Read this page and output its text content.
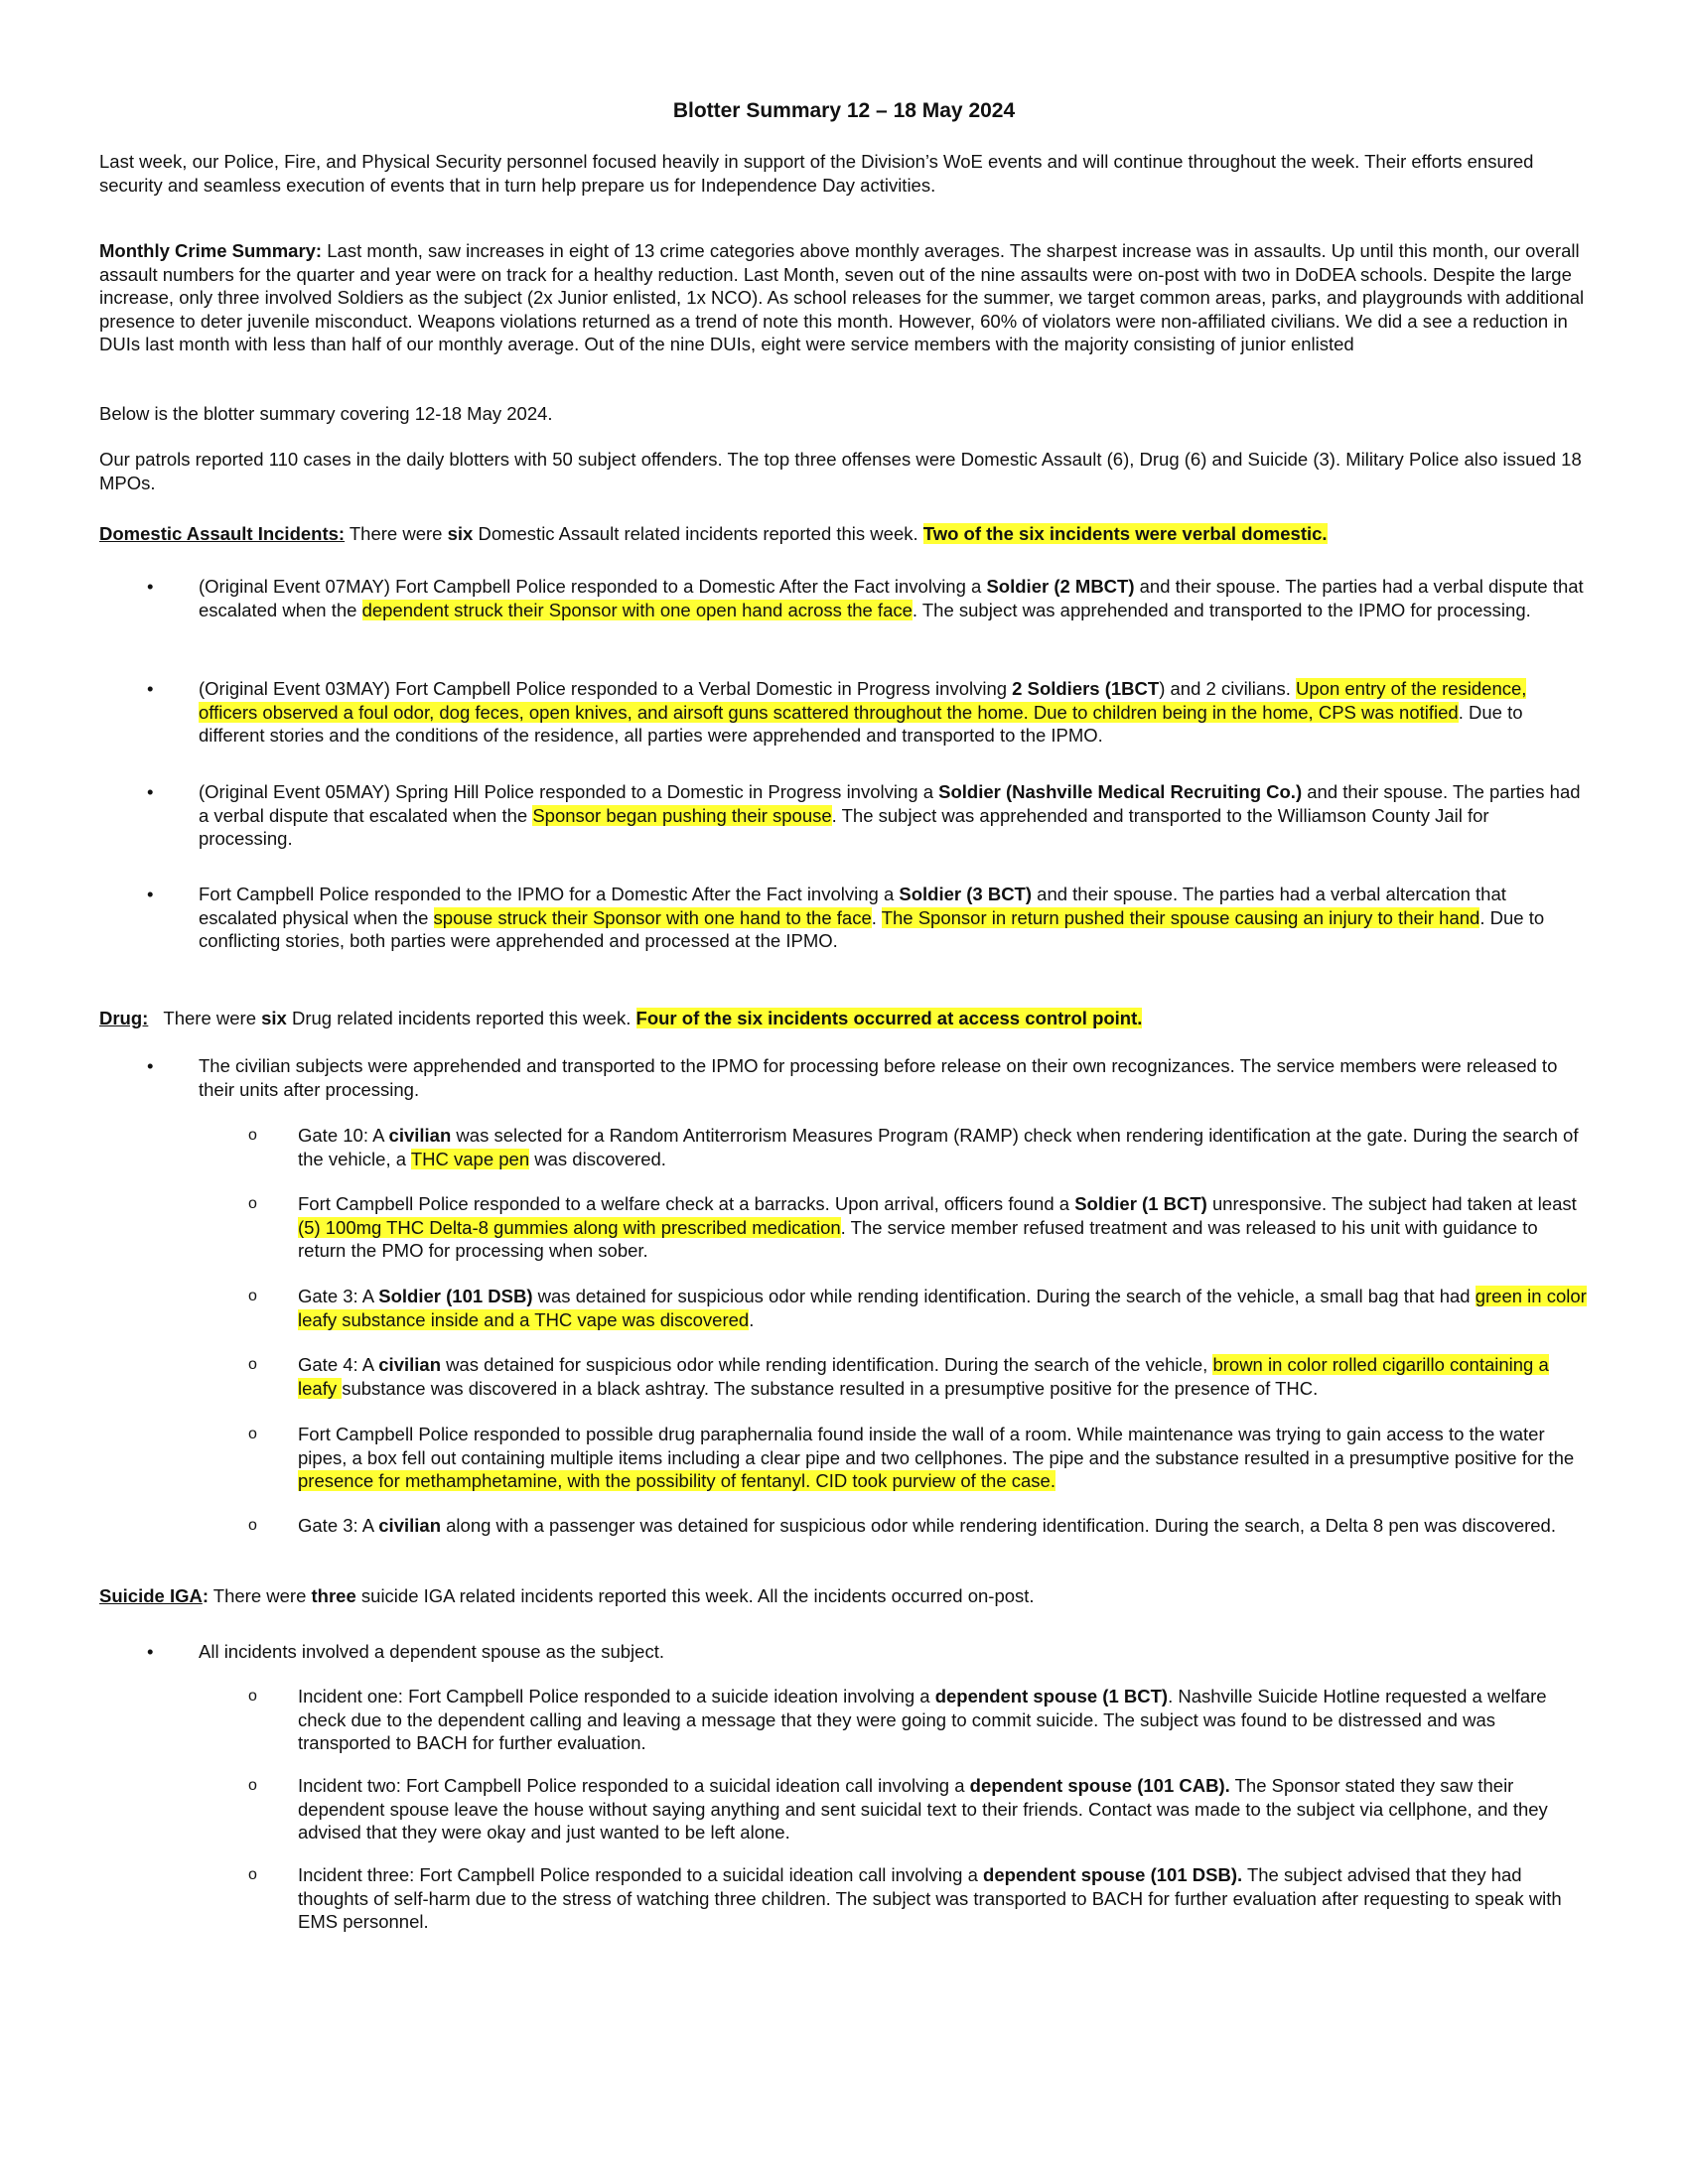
Blotter Summary 12 – 18 May 2024

Last week, our Police, Fire, and Physical Security personnel focused heavily in support of the Division’s WoE events and will continue throughout the week. Their efforts ensured security and seamless execution of events that in turn help prepare us for Independence Day activities.

Monthly Crime Summary: Last month, saw increases in eight of 13 crime categories above monthly averages. The sharpest increase was in assaults. Up until this month, our overall assault numbers for the quarter and year were on track for a healthy reduction. Last Month, seven out of the nine assaults were on-post with two in DoDEA schools. Despite the large increase, only three involved Soldiers as the subject (2x Junior enlisted, 1x NCO). As school releases for the summer, we target common areas, parks, and playgrounds with additional presence to deter juvenile misconduct. Weapons violations returned as a trend of note this month. However, 60% of violators were non-affiliated civilians. We did a see a reduction in DUIs last month with less than half of our monthly average. Out of the nine DUIs, eight were service members with the majority consisting of junior enlisted

Below is the blotter summary covering 12-18 May 2024.

Our patrols reported 110 cases in the daily blotters with 50 subject offenders. The top three offenses were Domestic Assault (6), Drug (6) and Suicide (3). Military Police also issued 18 MPOs.

Domestic Assault Incidents: There were six Domestic Assault related incidents reported this week. Two of the six incidents were verbal domestic.

•	(Original Event 07MAY) Fort Campbell Police responded to a Domestic After the Fact involving a Soldier (2 MBCT) and their spouse. The parties had a verbal dispute that escalated when the dependent struck their Sponsor with one open hand across the face. The subject was apprehended and transported to the IPMO for processing.

•	(Original Event 03MAY) Fort Campbell Police responded to a Verbal Domestic in Progress involving 2 Soldiers (1BCT) and 2 civilians. Upon entry of the residence, officers observed a foul odor, dog feces, open knives, and airsoft guns scattered throughout the home. Due to children being in the home, CPS was notified. Due to different stories and the conditions of the residence, all parties were apprehended and transported to the IPMO.

•	(Original Event 05MAY) Spring Hill Police responded to a Domestic in Progress involving a Soldier (Nashville Medical Recruiting Co.) and their spouse. The parties had a verbal dispute that escalated when the Sponsor began pushing their spouse. The subject was apprehended and transported to the Williamson County Jail for processing.

•	Fort Campbell Police responded to the IPMO for a Domestic After the Fact involving a Soldier (3 BCT) and their spouse. The parties had a verbal altercation that escalated physical when the spouse struck their Sponsor with one hand to the face. The Sponsor in return pushed their spouse causing an injury to their hand. Due to conflicting stories, both parties were apprehended and processed at the IPMO.

Drug:   There were six Drug related incidents reported this week. Four of the six incidents occurred at access control point.

•	The civilian subjects were apprehended and transported to the IPMO for processing before release on their own recognizances. The service members were released to their units after processing.

o	Gate 10: A civilian was selected for a Random Antiterrorism Measures Program (RAMP) check when rendering identification at the gate. During the search of the vehicle, a THC vape pen was discovered.

o	Fort Campbell Police responded to a welfare check at a barracks. Upon arrival, officers found a Soldier (1 BCT) unresponsive. The subject had taken at least (5) 100mg THC Delta-8 gummies along with prescribed medication. The service member refused treatment and was released to his unit with guidance to return the PMO for processing when sober.

o	Gate 3: A Soldier (101 DSB) was detained for suspicious odor while rending identification. During the search of the vehicle, a small bag that had green in color leafy substance inside and a THC vape was discovered.

o	Gate 4: A civilian was detained for suspicious odor while rending identification. During the search of the vehicle, brown in color rolled cigarillo containing a leafy substance was discovered in a black ashtray. The substance resulted in a presumptive positive for the presence of THC.

o	Fort Campbell Police responded to possible drug paraphernalia found inside the wall of a room. While maintenance was trying to gain access to the water pipes, a box fell out containing multiple items including a clear pipe and two cellphones. The pipe and the substance resulted in a presumptive positive for the presence for methamphetamine, with the possibility of fentanyl. CID took purview of the case.

o	Gate 3: A civilian along with a passenger was detained for suspicious odor while rendering identification. During the search, a Delta 8 pen was discovered.

Suicide IGA: There were three suicide IGA related incidents reported this week. All the incidents occurred on-post.

•	All incidents involved a dependent spouse as the subject.

o	Incident one: Fort Campbell Police responded to a suicide ideation involving a dependent spouse (1 BCT). Nashville Suicide Hotline requested a welfare check due to the dependent calling and leaving a message that they were going to commit suicide. The subject was found to be distressed and was transported to BACH for further evaluation.

o	Incident two: Fort Campbell Police responded to a suicidal ideation call involving a dependent spouse (101 CAB). The Sponsor stated they saw their dependent spouse leave the house without saying anything and sent suicidal text to their friends. Contact was made to the subject via cellphone, and they advised that they were okay and just wanted to be left alone.

o	Incident three: Fort Campbell Police responded to a suicidal ideation call involving a dependent spouse (101 DSB). The subject advised that they had thoughts of self-harm due to the stress of watching three children. The subject was transported to BACH for further evaluation after requesting to speak with EMS personnel.
